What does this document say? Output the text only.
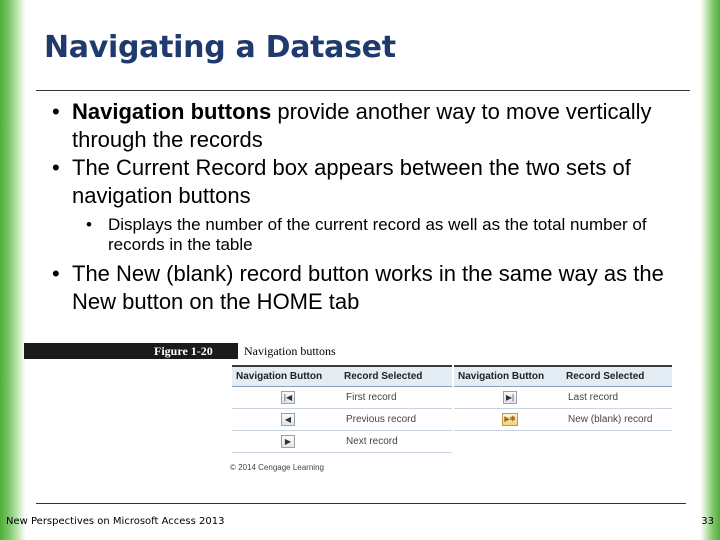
Navigating a Dataset
• Navigation buttons provide another way to move vertically through the records
• The Current Record box appears between the two sets of navigation buttons
• Displays the number of the current record as well as the total number of records in the table
• The New (blank) record button works in the same way as the New button on the HOME tab
Figure 1-20	Navigation buttons
Navigation Button	Record Selected
|◀	First record
◀	Previous record
▶	Next record
Navigation Button	Record Selected
▶|	Last record
▶✱	New (blank) record
© 2014 Cengage Learning
New Perspectives on Microsoft Access 2013	33
